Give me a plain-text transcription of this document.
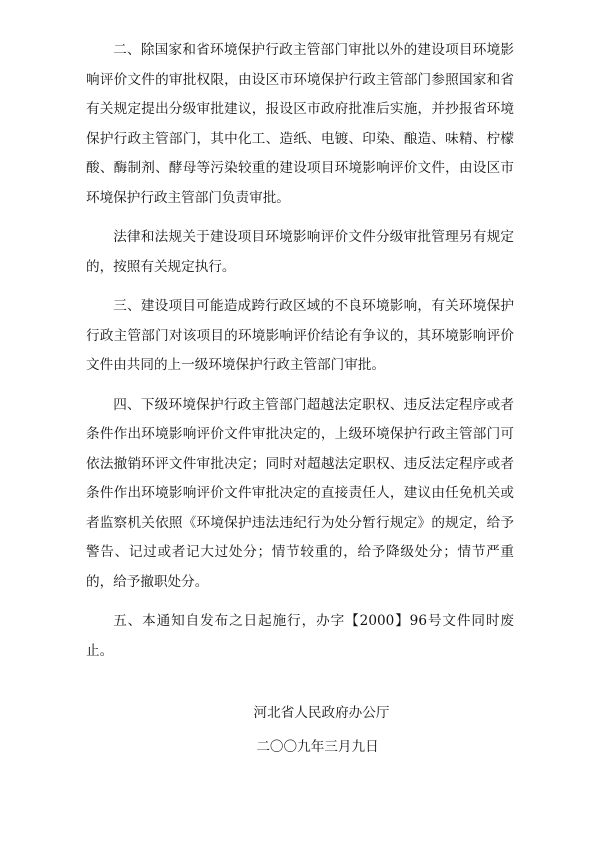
二、除国家和省环境保护行政主管部门审批以外的建设项目环境影响评价文件的审批权限，由设区市环境保护行政主管部门参照国家和省有关规定提出分级审批建议，报设区市政府批准后实施，并抄报省环境保护行政主管部门，其中化工、造纸、电镀、印染、酿造、味精、柠檬酸、酶制剂、酵母等污染较重的建设项目环境影响评价文件，由设区市环境保护行政主管部门负责审批。

法律和法规关于建设项目环境影响评价文件分级审批管理另有规定的，按照有关规定执行。

三、建设项目可能造成跨行政区域的不良环境影响，有关环境保护行政主管部门对该项目的环境影响评价结论有争议的，其环境影响评价文件由共同的上一级环境保护行政主管部门审批。

四、下级环境保护行政主管部门超越法定职权、违反法定程序或者条件作出环境影响评价文件审批决定的，上级环境保护行政主管部门可依法撤销环评文件审批决定；同时对超越法定职权、违反法定程序或者条件作出环境影响评价文件审批决定的直接责任人，建议由任免机关或者监察机关依照《环境保护违法违纪行为处分暂行规定》的规定，给予警告、记过或者记大过处分；情节较重的，给予降级处分；情节严重的，给予撤职处分。

五、本通知自发布之日起施行，办字【2000】96号文件同时废止。

河北省人民政府办公厅
二〇〇九年三月九日
